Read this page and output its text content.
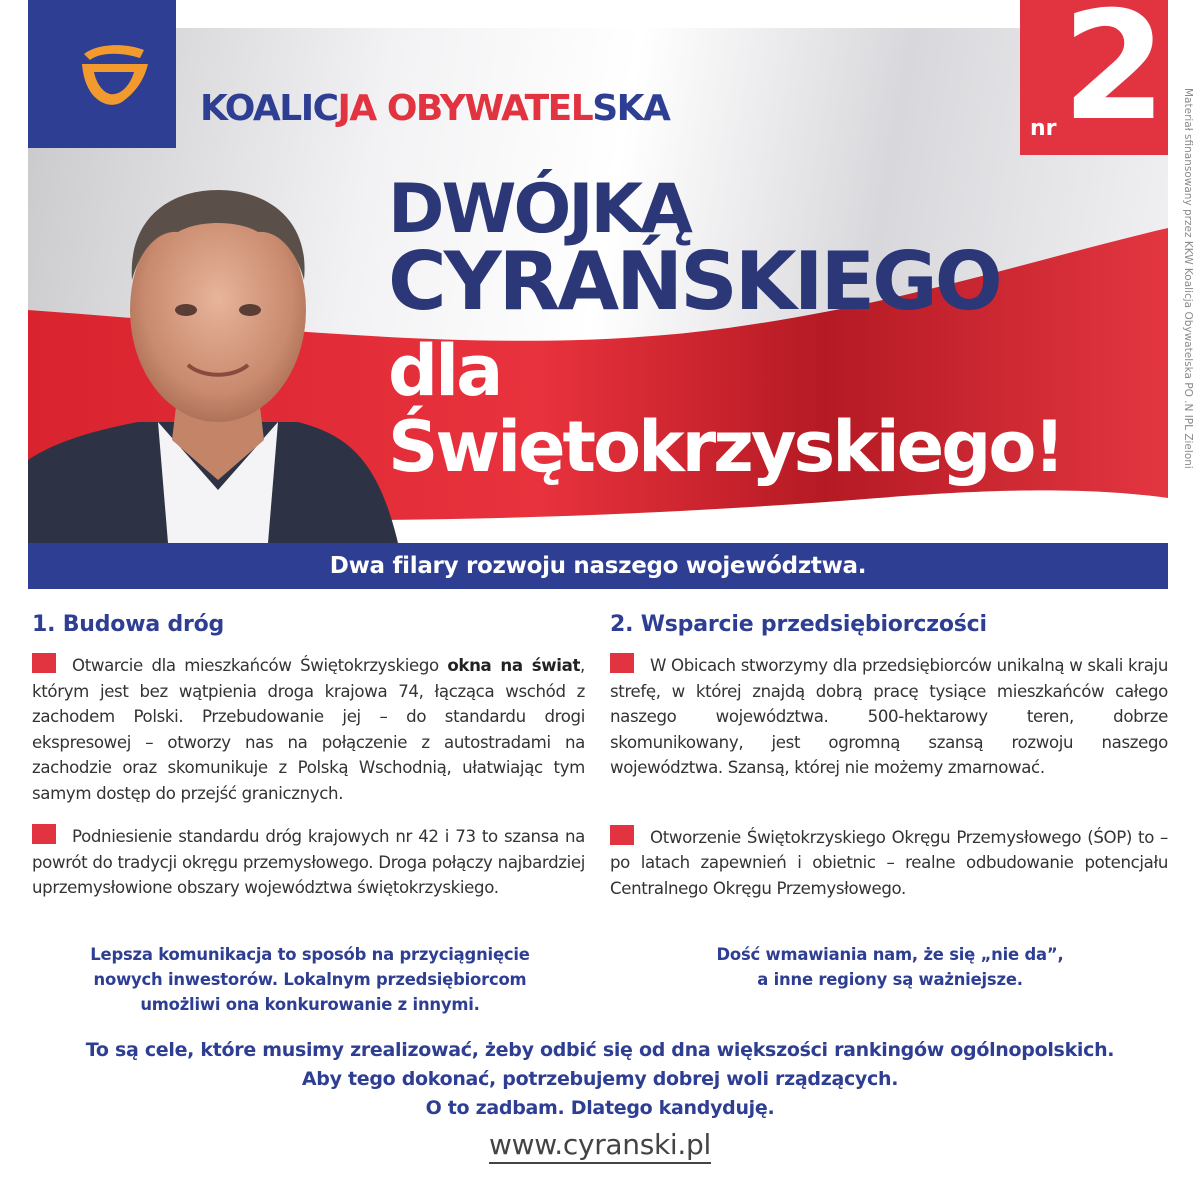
KOALICJA OBYWATELSKA	nr 2
DWÓJKĄ
CYRAŃSKIEGO
dla
Świętokrzyskiego!	Materiał sfinansowany przez KKW Koalicja Obywatelska PO .N IPL Zieloni
Dwa filary rozwoju naszego województwa.
1. Budowa dróg

Otwarcie dla mieszkańców Świętokrzyskiego okna na świat, którym jest bez wątpienia droga krajowa 74, łącząca wschód z zachodem Polski. Przebudowanie jej – do standardu drogi ekspresowej – otworzy nas na połączenie z autostradami na zachodzie oraz skomunikuje z Polską Wschodnią, ułatwiając tym samym dostęp do przejść granicznych.

Podniesienie standardu dróg krajowych nr 42 i 73 to szansa na powrót do tradycji okręgu przemysłowego. Droga połączy najbardziej uprzemysłowione obszary województwa świętokrzyskiego.

2. Wsparcie przedsiębiorczości

W Obicach stworzymy dla przedsiębiorców unikalną w skali kraju strefę, w której znajdą dobrą pracę tysiące mieszkańców całego naszego województwa. 500-hektarowy teren, dobrze skomunikowany, jest ogromną szansą rozwoju naszego województwa. Szansą, której nie możemy zmarnować.

Otworzenie Świętokrzyskiego Okręgu Przemysłowego (ŚOP) to – po latach zapewnień i obietnic – realne odbudowanie potencjału Centralnego Okręgu Przemysłowego.

Lepsza komunikacja to sposób na przyciągnięcie
nowych inwestorów. Lokalnym przedsiębiorcom
umożliwi ona konkurowanie z innymi.
Dość wmawiania nam, że się „nie da”,
a inne regiony są ważniejsze.
To są cele, które musimy zrealizować, żeby odbić się od dna większości rankingów ogólnopolskich.
Aby tego dokonać, potrzebujemy dobrej woli rządzących.
O to zadbam. Dlatego kandyduję.
www.cyranski.pl
